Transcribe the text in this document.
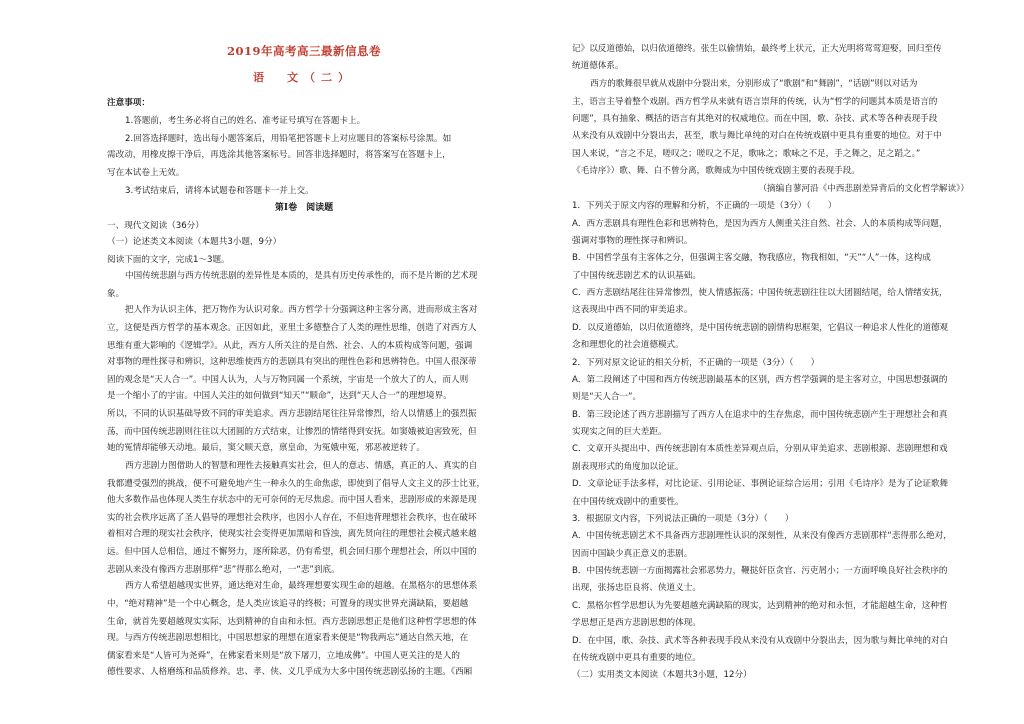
2019年高考高三最新信息卷
语　文（二）
注意事项：
1.答题前，考生务必将自己的姓名、准考证号填写在答题卡上。
2.回答选择题时，选出每小题答案后，用铅笔把答题卡上对应题目的答案标号涂黑。如
需改动，用橡皮擦干净后，再选涂其他答案标号。回答非选择题时，将答案写在答题卡上，
写在本试卷上无效。
3.考试结束后，请将本试题卷和答题卡一并上交。
第Ⅰ卷　阅读题
一、现代文阅读（36分）
（一）论述类文本阅读（本题共3小题，9分）
阅读下面的文字，完成1～3题。
中国传统悲剧与西方传统悲剧的差异性是本质的，是具有历史传承性的，而不是片断的艺术现
象。
把人作为认识主体，把万物作为认识对象。西方哲学十分强调这种主客分离，进而形成主客对
立，这便是西方哲学的基本观念。正因如此，亚里士多德整合了人类的理性思维，创造了对西方人
思维有重大影响的《逻辑学》。从此，西方人所关注的是自然、社会、人的本质构成等问题，强调
对事物的理性探寻和辨识，这种思维使西方的悲剧具有突出的理性色彩和思辨特色。中国人很深蒂
固的观念是“天人合一”。中国人认为，人与万物同属一个系统，宇宙是一个放大了的人，而人则
是一个缩小了的宇宙。中国人关注的如何做到“知天”“顺命”，达到“天人合一”的理想境界。
所以，不同的认识基础导致不同的审美追求。西方悲剧结尾往往异常惨烈，给人以情感上的强烈振
荡，而中国传统悲剧则往往以大团圆的方式结束，让惨烈的情绪得到安抚。如窦娥被迫害致死，但
她的冤情却能够天动地。最后，窦父顺天意，禀皇命，为冤娥申冤，邪恶被逆转了。
西方悲剧力图借助人的智慧和理性去接触真实社会，但人的意志、情感，真正的人、真实的自
我都遭受强烈的挑战，便不可避免地产生一种永久的生命焦虑，即使到了倡导人文主义的莎士比亚，
他大多数作品也体现人类生存状态中的无可奈何的无尽焦虑。而中国人看来，悲剧形成的来源是现
实的社会秩序远离了圣人倡导的理想社会秩序，也因小人存在，不但违背理想社会秩序，也在破坏
着相对合理的现实社会秩序，使现实社会变得更加黑暗和昏浊，离先贤向往的理想社会模式越来越
远。但中国人总相信，通过不懈努力，逐所除恶，仍有希望，机会回归那个理想社会，所以中国的
悲剧从来没有像西方悲剧那样“悲”得那么绝对，一“悲”到底。
西方人希望超越现实世界，通达绝对生命，最终理想要实现生命的超越。在黑格尔的思想体系
中，“绝对精神”是一个中心概念，是人类应该追寻的终极；可置身的现实世界充满缺陷，要超越
生命，就首先要超越现实实际，达到精神的自由和永恒。西方悲剧思想正是他们这种哲学思想的体
现。与西方传统悲剧思想相比，中国思想家的理想在道家看来便是“物我两忘”通达自然天地，在
儒家看来是“人皆可为尧舜”，在佛家看来则是“放下屠刀，立地成佛”。中国人更关注的是人的
德性要求、人格磨练和品质修养。忠、孝、侠、义几乎成为大多中国传统悲剧弘扬的主题。《西厢
记》以反道德始，以归依道德终。张生以偷情始，最终考上状元，正大光明将莺莺迎娶，回归至传
统道德体系。
西方的歌舞很早就从戏剧中分裂出来，分别形成了“歌剧”和“舞剧”，“话剧”则以对话为
主，语言主导着整个戏剧。西方哲学从来就有语言崇拜的传统，认为“哲学的问题其本质是语言的
问题”，具有抽象、概括的语言有其绝对的权威地位。而在中国，歌、杂技、武术等各种表现手段
从来没有从戏剧中分裂出去，甚至，歌与舞比单纯的对白在传统戏剧中更具有重要的地位。对于中
国人来说，“言之不足，嗟叹之；嗟叹之不足，歌咏之；歌咏之不足，手之舞之，足之蹈之。”
《毛诗序》）歌、舞、白不曾分离，歌舞成为中国传统戏剧主要的表现手段。
（摘编自蓼河沿《中西悲剧差异背后的文化哲学解读》）
1．下列关于原文内容的理解和分析，不正确的一项是（3分）（　　）
A．西方悲剧具有理性色彩和思辨特色，是因为西方人侧重关注自然、社会、人的本质构成等问题，
强调对事物的理性探寻和辨识。
B．中国哲学虽有主客体之分，但强调主客交融，物我感应，物我相如，“天”“人”一体，这构成
了中国传统悲剧艺术的认识基础。
C．西方悲剧结尾往往异常惨烈，使人情感振荡；中国传统悲剧往往以大团圆结尾，给人情绪安抚，
这表现出中西不同的审美追求。
D．以反道德始，以归依道德终，是中国传统悲剧的剧情构思框架，它倡议一种追求人性化的道德观
念和理想化的社会道德模式。
2．下列对原文论证的相关分析，不正确的一项是（3分）（　　）
A．第二段阐述了中国和西方传统悲剧最基本的区别，西方哲学强调的是主客对立，中国思想强调的
则是“天人合一”。
B．第三段论述了西方悲剧描写了西方人在追求中的生存焦虑，而中国传统悲剧产生于理想社会和真
实现实之间的巨大差距。
C．文章开头提出中、西传统悲剧有本质性差异观点后，分别从审美追求、悲剧根源、悲剧理想和戏
剧表现形式的角度加以论证。
D．文章论证手法多样，对比论证、引用论证、事例论证综合运用；引用《毛诗序》是为了论证歌舞
在中国传统戏剧中的重要性。
3．根据原文内容，下列说法正确的一项是（3分）（　　）
A．中国传统悲剧艺术不具备西方悲剧理性认识的深刻性，从来没有像西方悲剧那样“悲得那么绝对，
因而中国缺少真正意义的悲剧。
B．中国传统悲剧一方面揭露社会邪恶势力，鞭挞奸臣贪官、污吏屑小；一方面呼唤良好社会秩序的
出现，张扬忠臣良将、侠道义士。
C．黑格尔哲学思想认为先要超越充满缺陷的现实，达到精神的绝对和永恒，才能超越生命，这种哲
学思想正是西方悲剧思想的体现。
D．在中国，歌、杂技、武术等各种表现手段从来没有从戏剧中分裂出去，因为歌与舞比单纯的对白
在传统戏剧中更具有重要的地位。
（二）实用类文本阅读（本题共3小题，12分）
